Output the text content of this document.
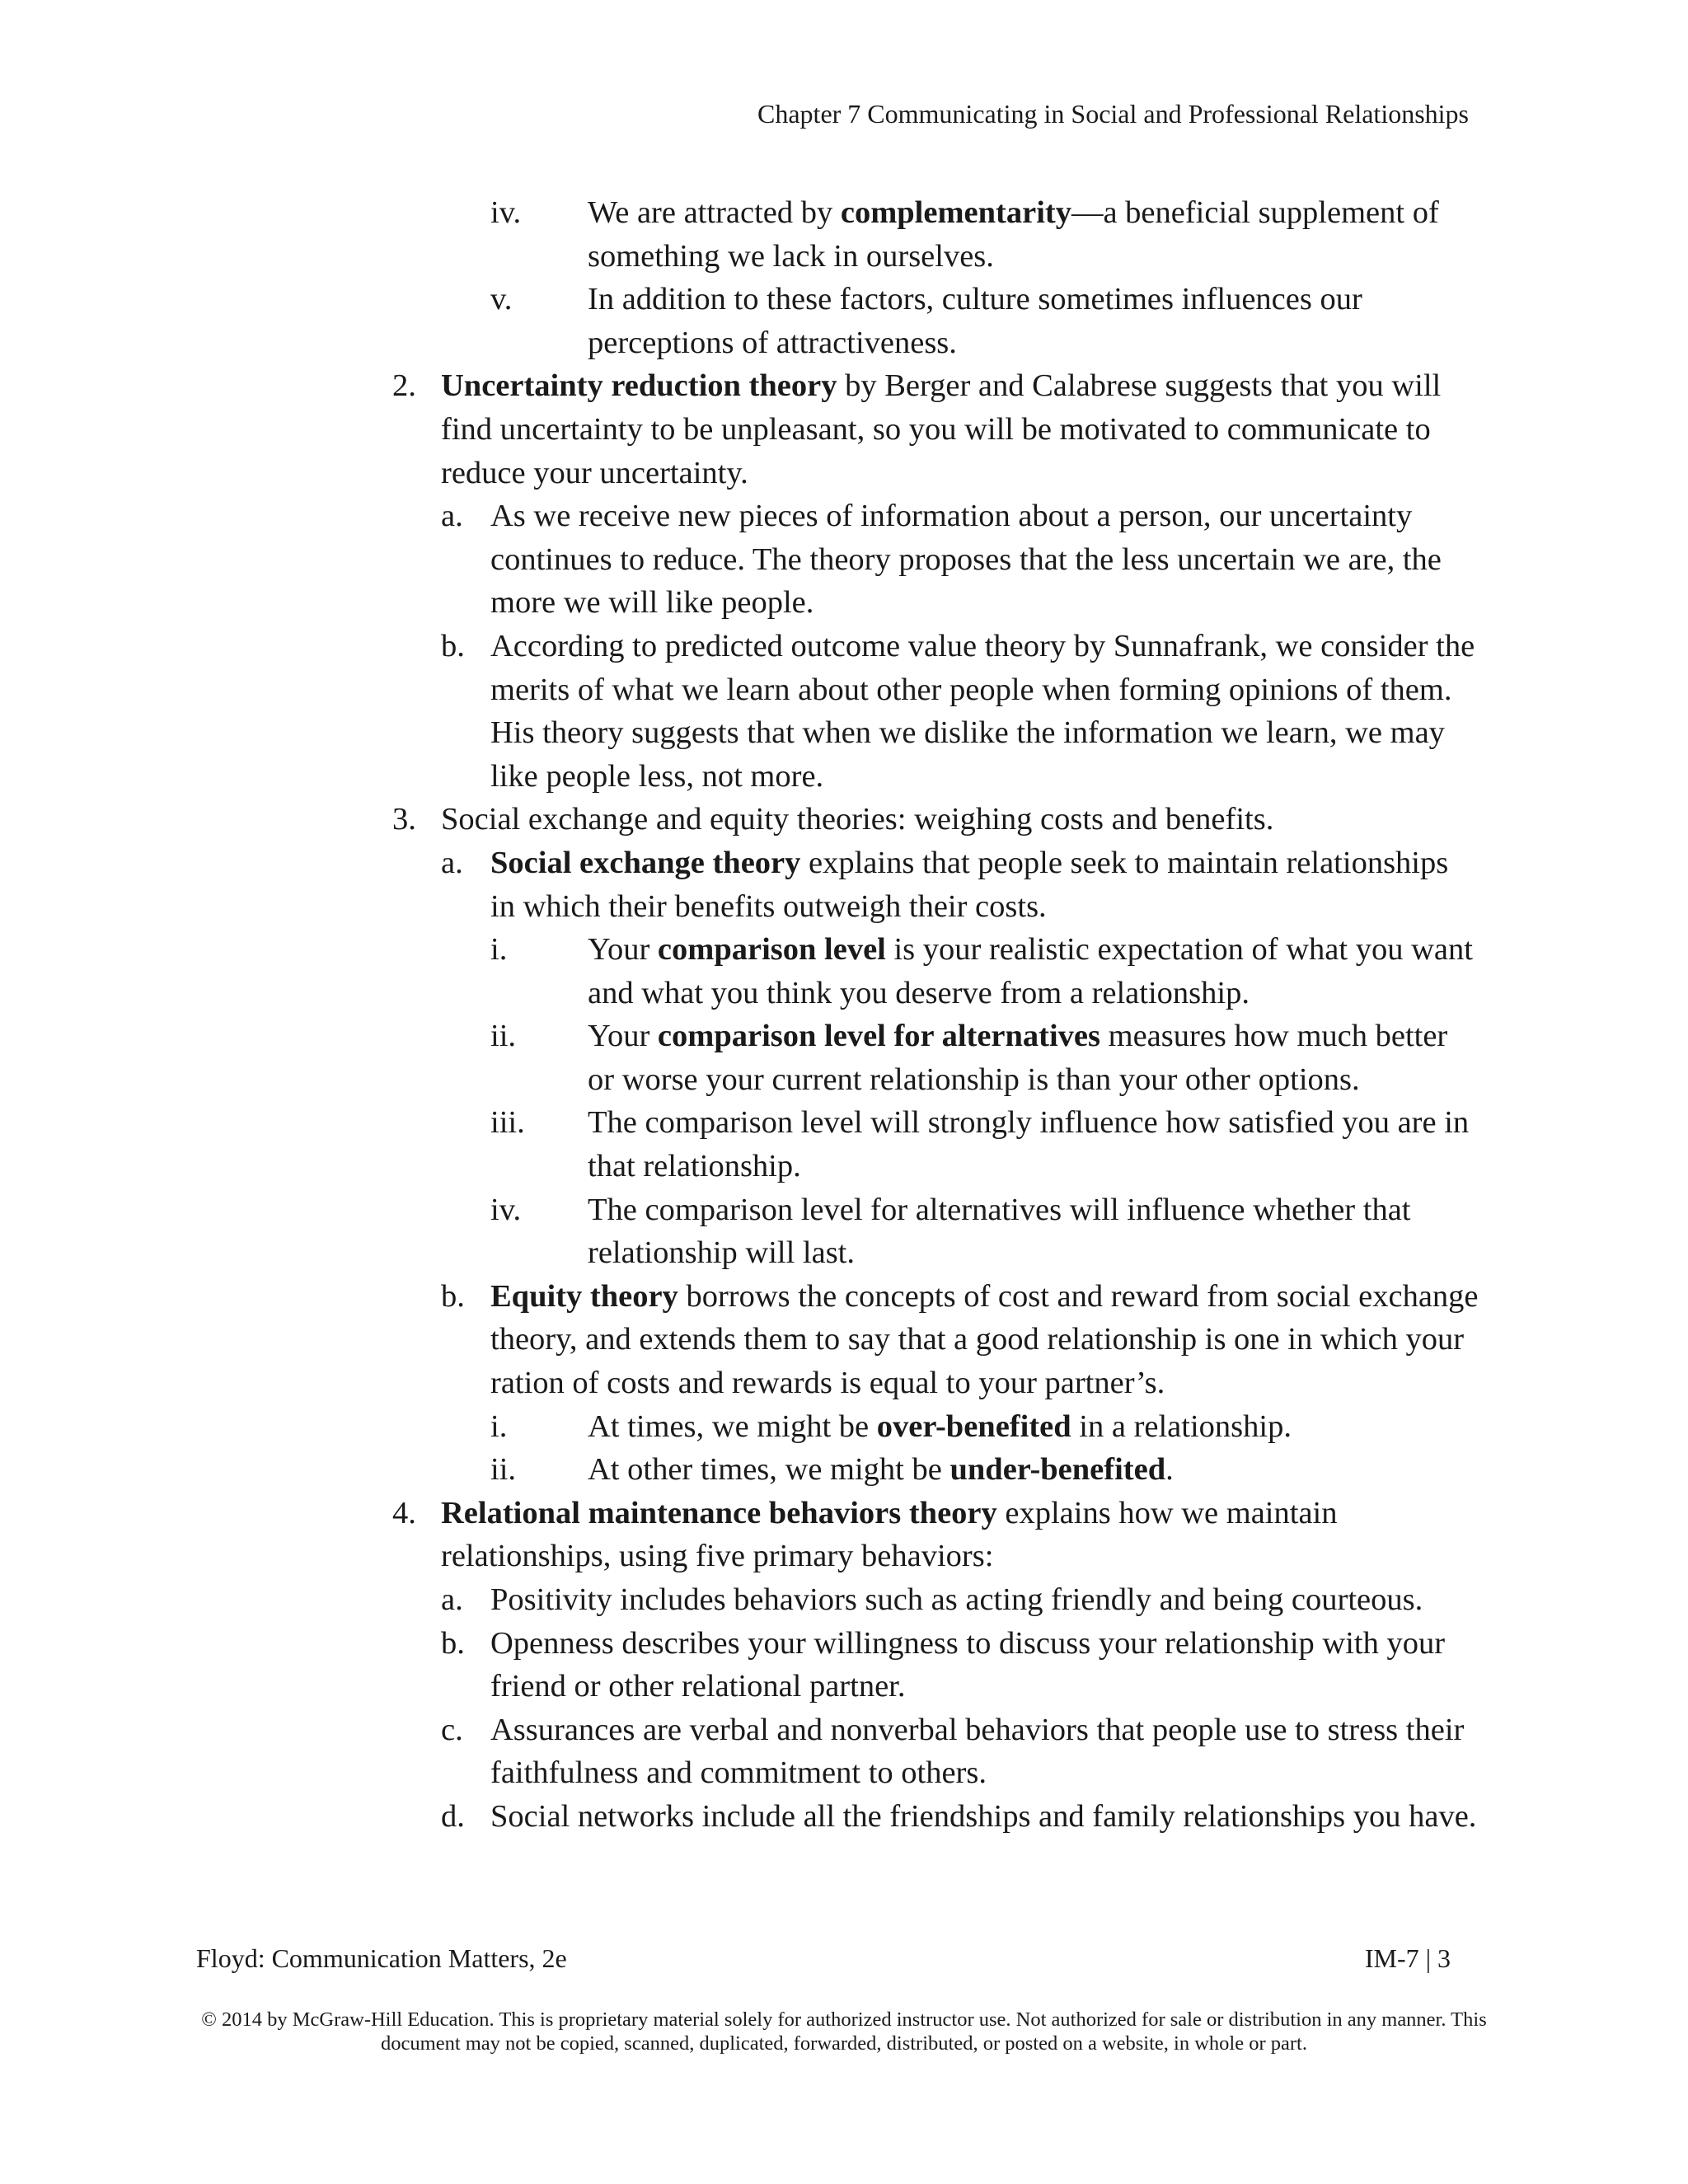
Chapter 7 Communicating in Social and Professional Relationships
iv. We are attracted by complementarity—a beneficial supplement of something we lack in ourselves.
v. In addition to these factors, culture sometimes influences our perceptions of attractiveness.
2. Uncertainty reduction theory by Berger and Calabrese suggests that you will find uncertainty to be unpleasant, so you will be motivated to communicate to reduce your uncertainty.
a. As we receive new pieces of information about a person, our uncertainty continues to reduce. The theory proposes that the less uncertain we are, the more we will like people.
b. According to predicted outcome value theory by Sunnafrank, we consider the merits of what we learn about other people when forming opinions of them. His theory suggests that when we dislike the information we learn, we may like people less, not more.
3. Social exchange and equity theories: weighing costs and benefits.
a. Social exchange theory explains that people seek to maintain relationships in which their benefits outweigh their costs.
i.	Your comparison level is your realistic expectation of what you want and what you think you deserve from a relationship.
ii. Your comparison level for alternatives measures how much better or worse your current relationship is than your other options.
iii. The comparison level will strongly influence how satisfied you are in that relationship.
iv. The comparison level for alternatives will influence whether that relationship will last.
b. Equity theory borrows the concepts of cost and reward from social exchange theory, and extends them to say that a good relationship is one in which your ration of costs and rewards is equal to your partner’s.
i.	At times, we might be over-benefited in a relationship.
ii. At other times, we might be under-benefited.
4. Relational maintenance behaviors theory explains how we maintain relationships, using five primary behaviors:
a. Positivity includes behaviors such as acting friendly and being courteous.
b. Openness describes your willingness to discuss your relationship with your friend or other relational partner.
c. Assurances are verbal and nonverbal behaviors that people use to stress their faithfulness and commitment to others.
d. Social networks include all the friendships and family relationships you have.
Floyd: Communication Matters, 2e	IM-7 | 3
© 2014 by McGraw-Hill Education. This is proprietary material solely for authorized instructor use. Not authorized for sale or distribution in any manner. This document may not be copied, scanned, duplicated, forwarded, distributed, or posted on a website, in whole or part.
